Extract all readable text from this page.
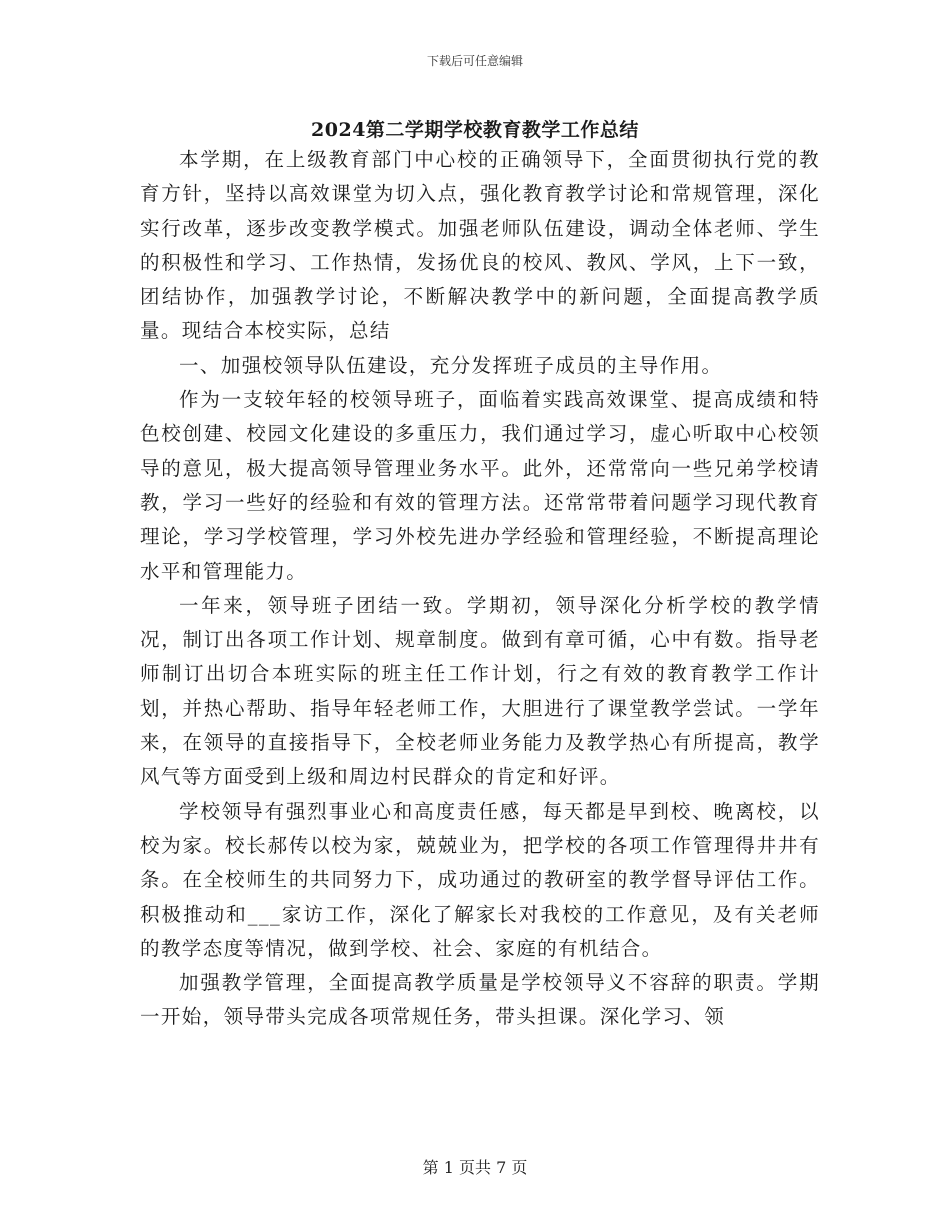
下载后可任意编辑
2024第二学期学校教育教学工作总结

本学期，在上级教育部门中心校的正确领导下，全面贯彻执行党的教育方针，坚持以高效课堂为切入点，强化教育教学讨论和常规管理，深化实行改革，逐步改变教学模式。加强老师队伍建设，调动全体老师、学生的积极性和学习、工作热情，发扬优良的校风、教风、学风，上下一致，团结协作，加强教学讨论，不断解决教学中的新问题，全面提高教学质量。现结合本校实际，总结

一、加强校领导队伍建设，充分发挥班子成员的主导作用。

作为一支较年轻的校领导班子，面临着实践高效课堂、提高成绩和特色校创建、校园文化建设的多重压力，我们通过学习，虚心听取中心校领导的意见，极大提高领导管理业务水平。此外，还常常向一些兄弟学校请教，学习一些好的经验和有效的管理方法。还常常带着问题学习现代教育理论，学习学校管理，学习外校先进办学经验和管理经验，不断提高理论水平和管理能力。

一年来，领导班子团结一致。学期初，领导深化分析学校的教学情况，制订出各项工作计划、规章制度。做到有章可循，心中有数。指导老师制订出切合本班实际的班主任工作计划，行之有效的教育教学工作计划，并热心帮助、指导年轻老师工作，大胆进行了课堂教学尝试。一学年来，在领导的直接指导下，全校老师业务能力及教学热心有所提高，教学风气等方面受到上级和周边村民群众的肯定和好评。

学校领导有强烈事业心和高度责任感，每天都是早到校、晚离校，以校为家。校长郝传以校为家，兢兢业为，把学校的各项工作管理得井井有条。在全校师生的共同努力下，成功通过的教研室的教学督导评估工作。积极推动和___家访工作，深化了解家长对我校的工作意见，及有关老师的教学态度等情况，做到学校、社会、家庭的有机结合。

加强教学管理，全面提高教学质量是学校领导义不容辞的职责。学期一开始，领导带头完成各项常规任务，带头担课。深化学习、领

第 1 页共 7 页
